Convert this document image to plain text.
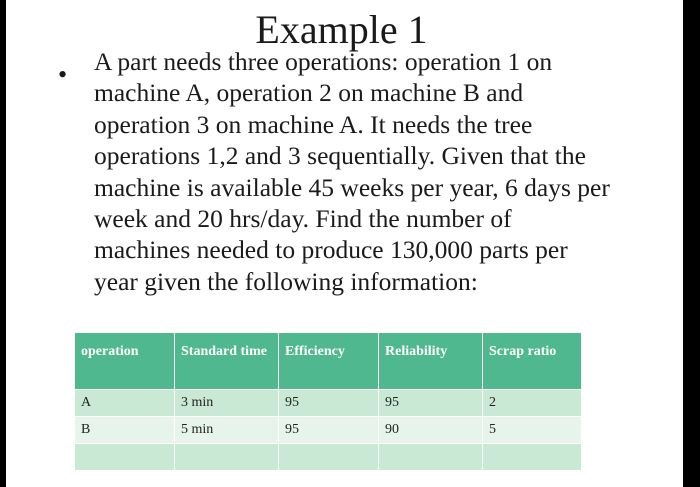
Example 1
• A part needs three operations: operation 1 on
machine A, operation 2 on machine B and
operation 3 on machine A. It needs the tree
operations 1,2 and 3 sequentially. Given that the
machine is available 45 weeks per year, 6 days per
week and 20 hrs/day. Find the number of
machines needed to produce 130,000 parts per
year given the following information:
operation	Standard time	Efficiency	Reliability	Scrap ratio
A	3 min	95	95	2
B	5 min	95	90	5
